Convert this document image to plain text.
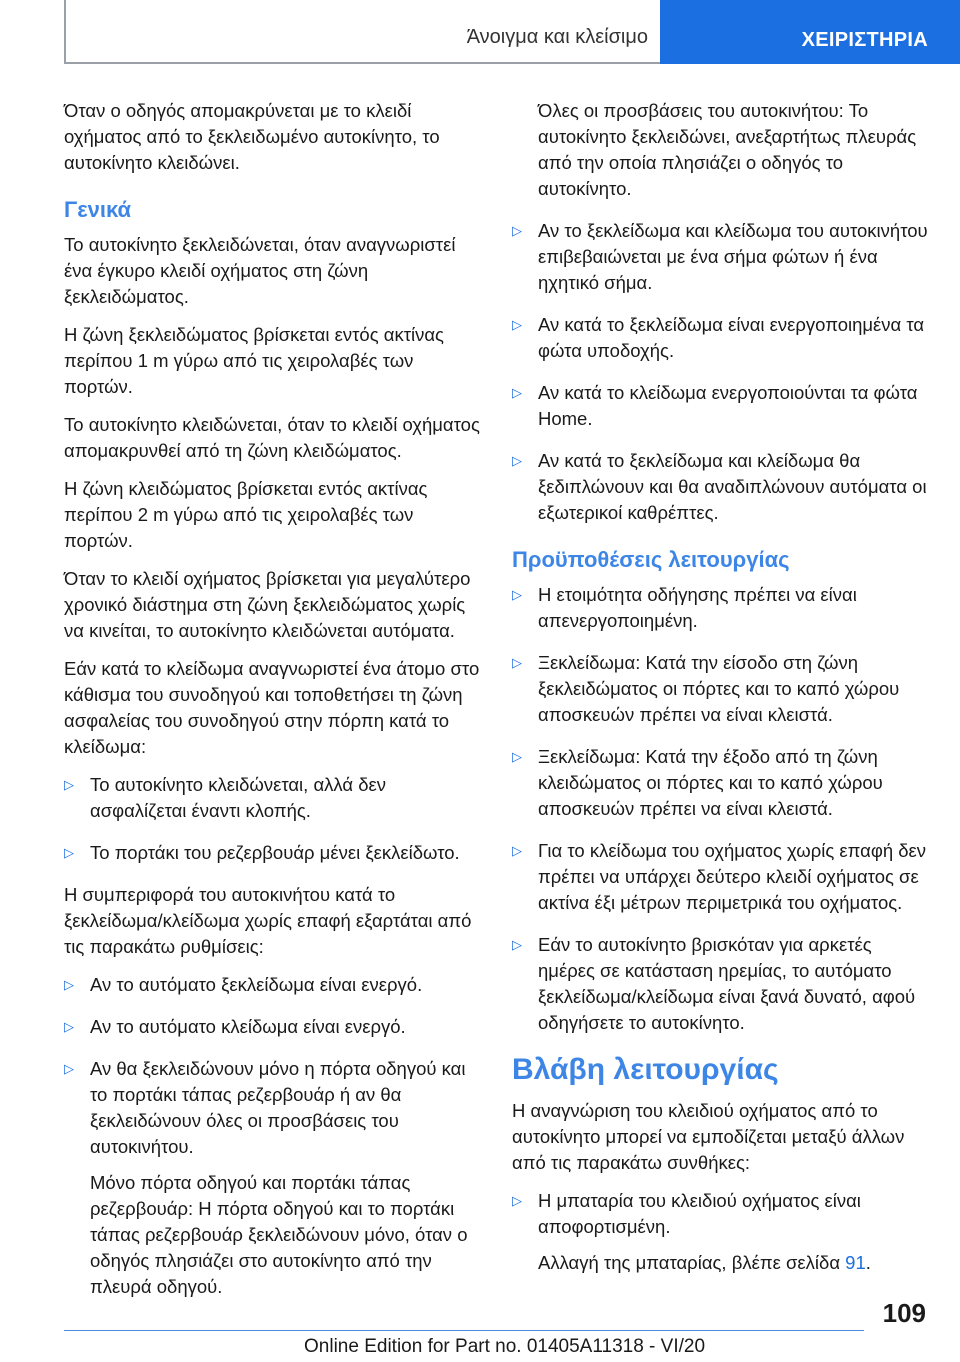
Άνοιγμα και κλείσιμο	ΧΕΙΡΙΣΤΗΡΙΑ

Όταν ο οδηγός απομακρύνεται με το κλειδί οχήματος από το ξεκλειδωμένο αυτοκίνητο, το αυτοκίνητο κλειδώνει.

Γενικά

Το αυτοκίνητο ξεκλειδώνεται, όταν αναγνωριστεί ένα έγκυρο κλειδί οχήματος στη ζώνη ξεκλειδώματος.

Η ζώνη ξεκλειδώματος βρίσκεται εντός ακτίνας περίπου 1 m γύρω από τις χειρολαβές των πορτών.

Το αυτοκίνητο κλειδώνεται, όταν το κλειδί οχήματος απομακρυνθεί από τη ζώνη κλειδώματος.

Η ζώνη κλειδώματος βρίσκεται εντός ακτίνας περίπου 2 m γύρω από τις χειρολαβές των πορτών.

Όταν το κλειδί οχήματος βρίσκεται για μεγαλύτερο χρονικό διάστημα στη ζώνη ξεκλειδώματος χωρίς να κινείται, το αυτοκίνητο κλειδώνεται αυτόματα.

Εάν κατά το κλείδωμα αναγνωριστεί ένα άτομο στο κάθισμα του συνοδηγού και τοποθετήσει τη ζώνη ασφαλείας του συνοδηγού στην πόρπη κατά το κλείδωμα:

▷ Το αυτοκίνητο κλειδώνεται, αλλά δεν ασφαλίζεται έναντι κλοπής.

▷ Το πορτάκι του ρεζερβουάρ μένει ξεκλείδωτο.

Η συμπεριφορά του αυτοκινήτου κατά το ξεκλείδωμα/κλείδωμα χωρίς επαφή εξαρτάται από τις παρακάτω ρυθμίσεις:

▷ Αν το αυτόματο ξεκλείδωμα είναι ενεργό.

▷ Αν το αυτόματο κλείδωμα είναι ενεργό.

▷ Αν θα ξεκλειδώνουν μόνο η πόρτα οδηγού και το πορτάκι τάπας ρεζερβουάρ ή αν θα ξεκλειδώνουν όλες οι προσβάσεις του αυτοκινήτου.

Μόνο πόρτα οδηγού και πορτάκι τάπας ρεζερβουάρ: Η πόρτα οδηγού και το πορτάκι τάπας ρεζερβουάρ ξεκλειδώνουν μόνο, όταν ο οδηγός πλησιάζει στο αυτοκίνητο από την πλευρά οδηγού.

Όλες οι προσβάσεις του αυτοκινήτου: Το αυτοκίνητο ξεκλειδώνει, ανεξαρτήτως πλευράς από την οποία πλησιάζει ο οδηγός το αυτοκίνητο.

▷ Αν το ξεκλείδωμα και κλείδωμα του αυτοκινήτου επιβεβαιώνεται με ένα σήμα φώτων ή ένα ηχητικό σήμα.

▷ Αν κατά το ξεκλείδωμα είναι ενεργοποιημένα τα φώτα υποδοχής.

▷ Αν κατά το κλείδωμα ενεργοποιούνται τα φώτα Home.

▷ Αν κατά το ξεκλείδωμα και κλείδωμα θα ξεδιπλώνουν και θα αναδιπλώνουν αυτόματα οι εξωτερικοί καθρέπτες.

Προϋποθέσεις λειτουργίας
▷ Η ετοιμότητα οδήγησης πρέπει να είναι απενεργοποιημένη.

▷ Ξεκλείδωμα: Κατά την είσοδο στη ζώνη ξεκλειδώματος οι πόρτες και το καπό χώρου αποσκευών πρέπει να είναι κλειστά.

▷ Ξεκλείδωμα: Κατά την έξοδο από τη ζώνη κλειδώματος οι πόρτες και το καπό χώρου αποσκευών πρέπει να είναι κλειστά.

▷ Για το κλείδωμα του οχήματος χωρίς επαφή δεν πρέπει να υπάρχει δεύτερο κλειδί οχήματος σε ακτίνα έξι μέτρων περιμετρικά του οχήματος.

▷ Εάν το αυτοκίνητο βρισκόταν για αρκετές ημέρες σε κατάσταση ηρεμίας, το αυτόματο ξεκλείδωμα/κλείδωμα είναι ξανά δυνατό, αφού οδηγήσετε το αυτοκίνητο.

Βλάβη λειτουργίας

Η αναγνώριση του κλειδιού οχήματος από το αυτοκίνητο μπορεί να εμποδίζεται μεταξύ άλλων από τις παρακάτω συνθήκες:

▷ Η μπαταρία του κλειδιού οχήματος είναι αποφορτισμένη.

Αλλαγή της μπαταρίας, βλέπε σελίδα 91.

109
Online Edition for Part no. 01405A11318 - VI/20
